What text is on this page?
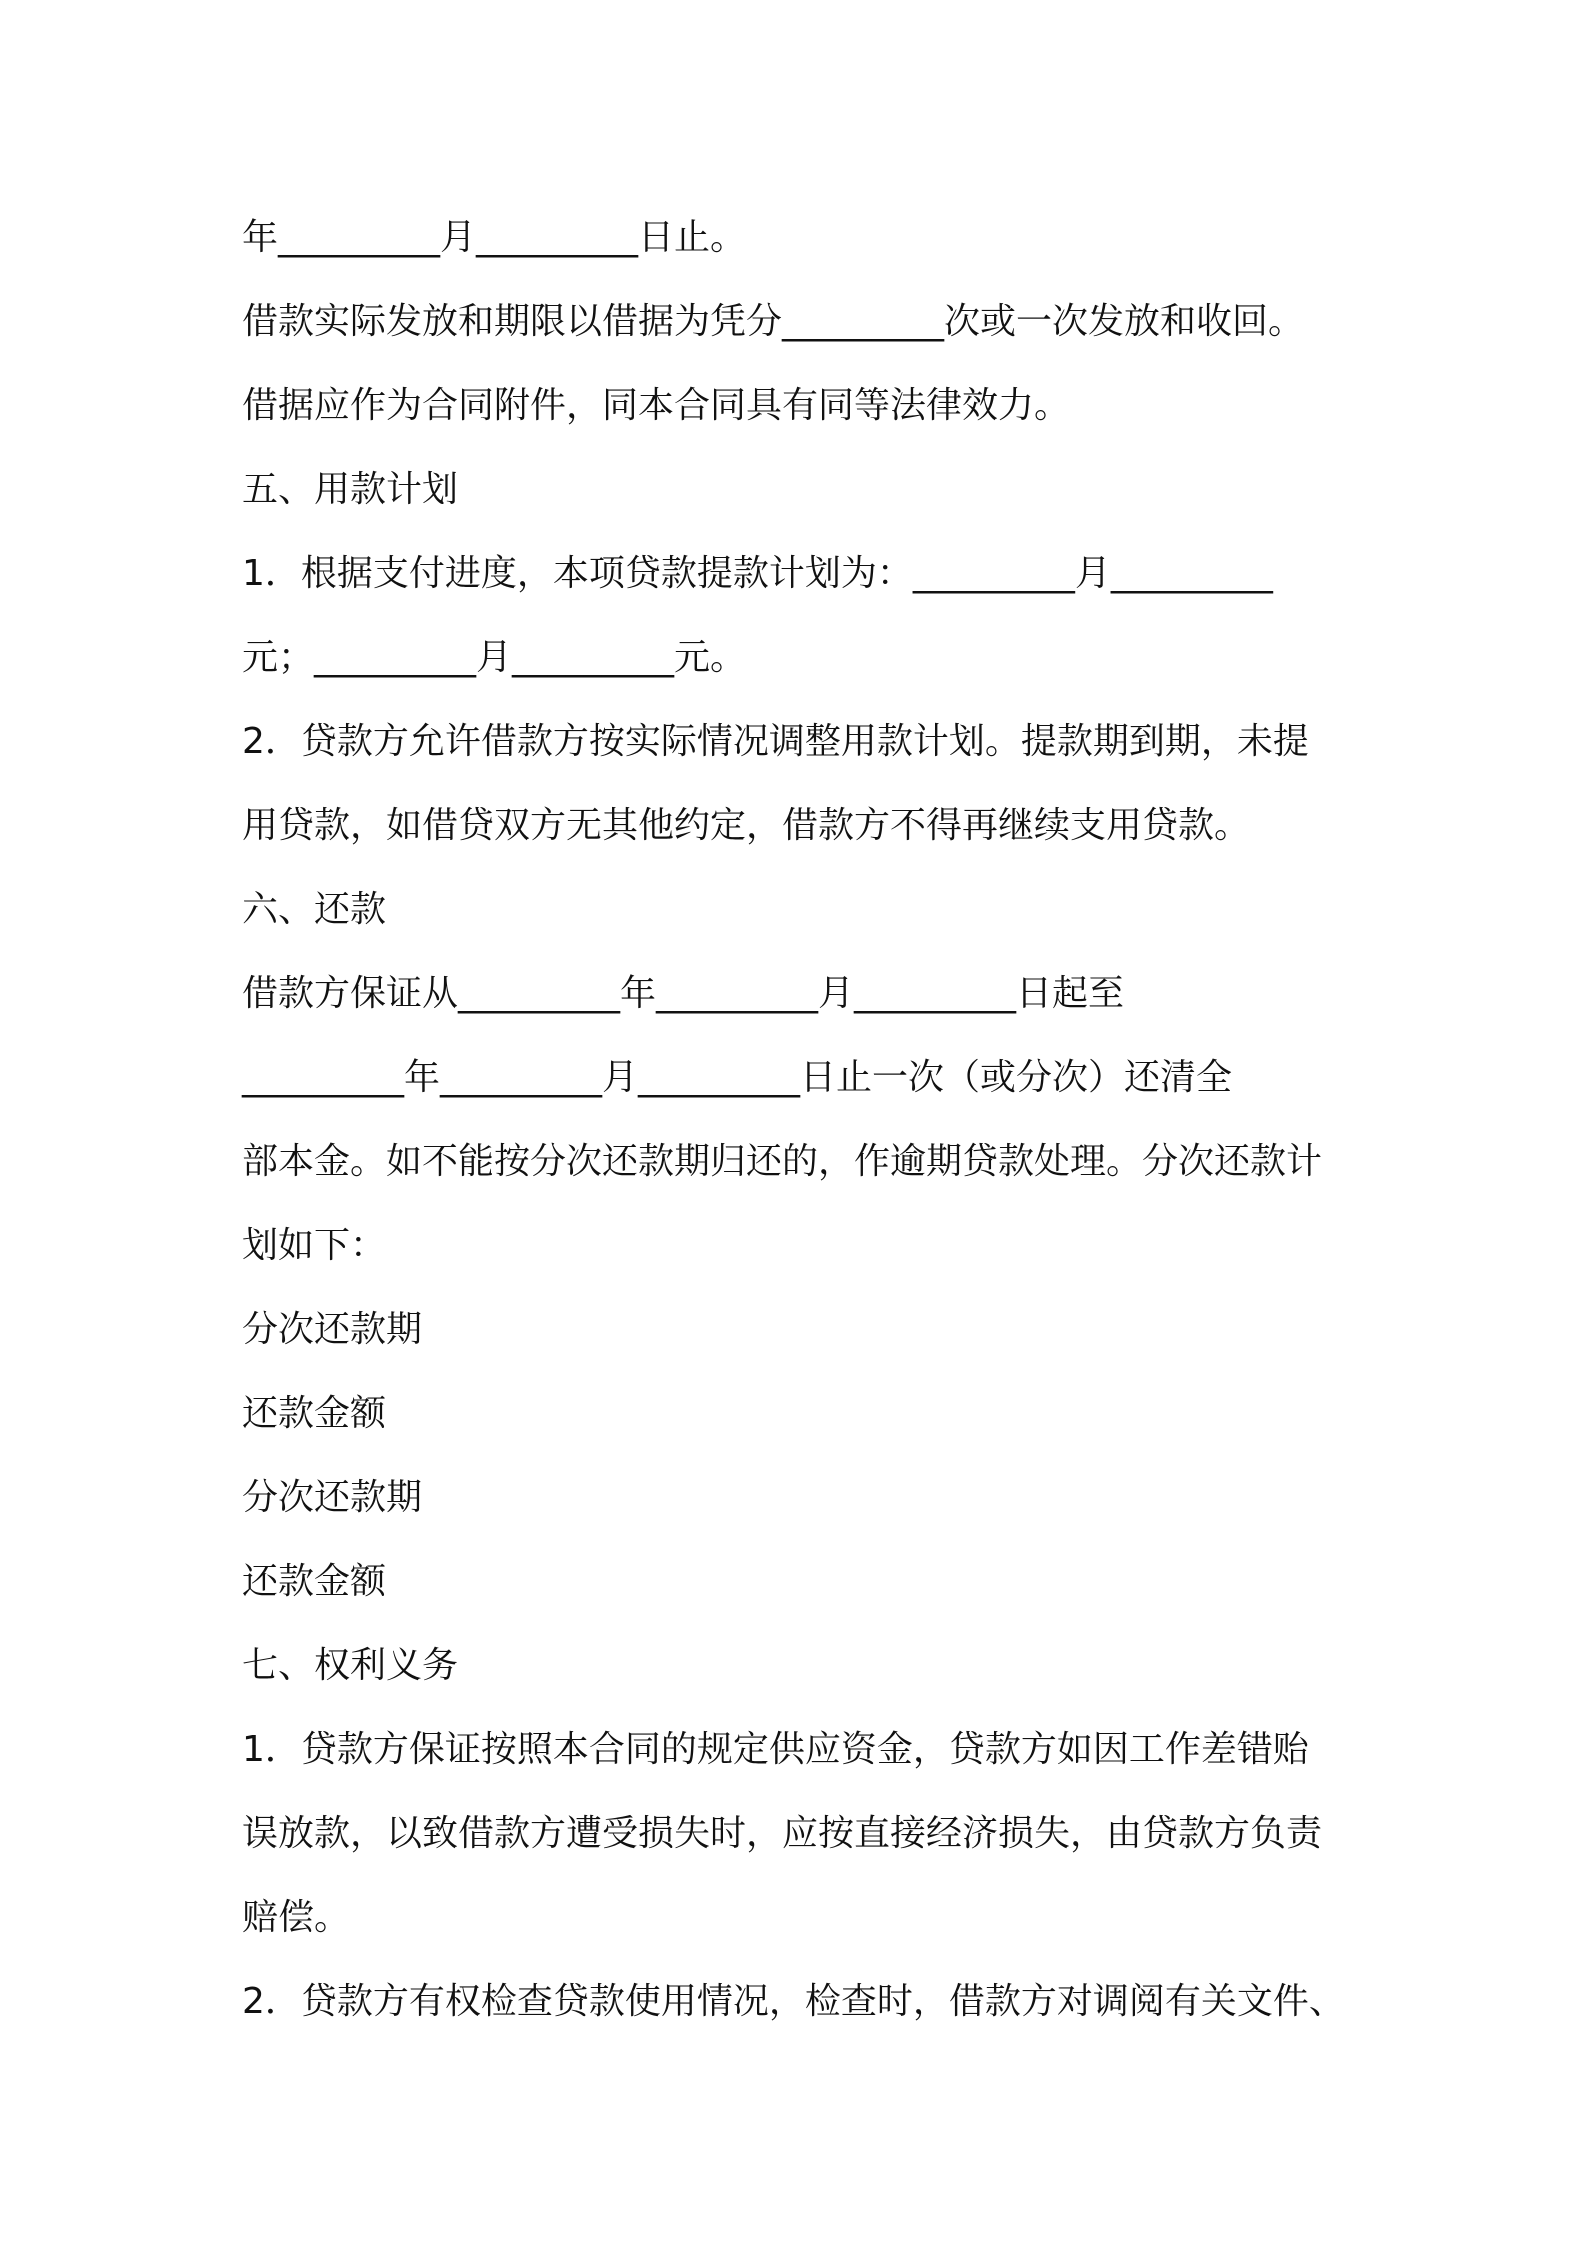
年_________月_________日止。

借款实际发放和期限以借据为凭分_________次或一次发放和收回。

借据应作为合同附件，同本合同具有同等法律效力。

五、用款计划

1．根据支付进度，本项贷款提款计划为：_________月_________

元；_________月_________元。

2．贷款方允许借款方按实际情况调整用款计划。提款期到期，未提

用贷款，如借贷双方无其他约定，借款方不得再继续支用贷款。

六、还款

借款方保证从_________年_________月_________日起至

_________年_________月_________日止一次（或分次）还清全

部本金。如不能按分次还款期归还的，作逾期贷款处理。分次还款计

划如下：

分次还款期

还款金额

分次还款期

还款金额

七、权利义务

1．贷款方保证按照本合同的规定供应资金，贷款方如因工作差错贻

误放款，以致借款方遭受损失时，应按直接经济损失，由贷款方负责

赔偿。

2．贷款方有权检查贷款使用情况，检查时，借款方对调阅有关文件、
